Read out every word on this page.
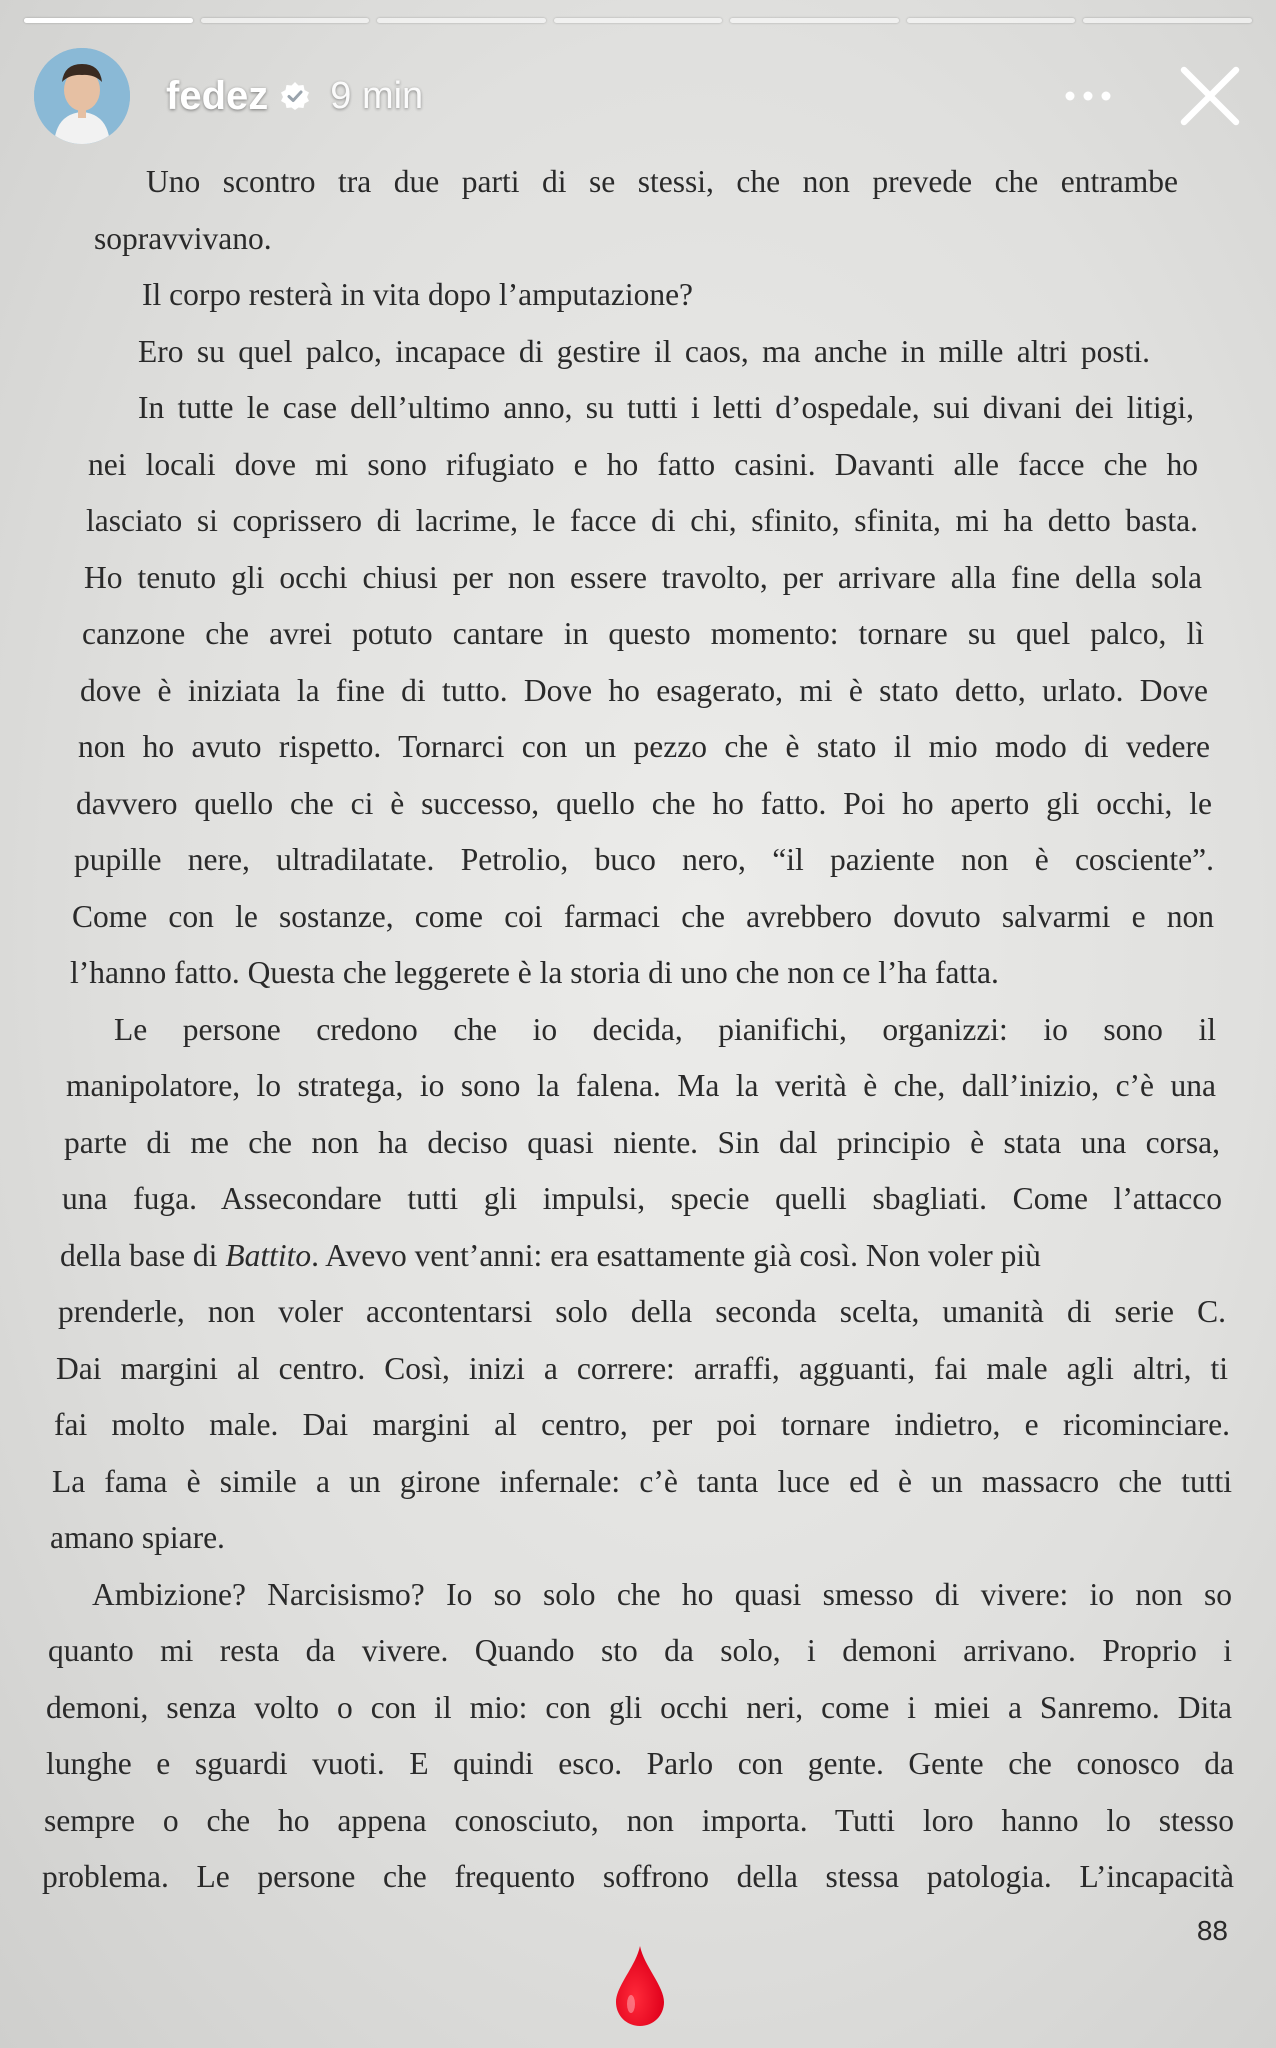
fedez 9 min
Uno scontro tra due parti di se stessi, che non prevede che entrambe
sopravvivano.
Il corpo resterà in vita dopo l’amputazione?
Ero su quel palco, incapace di gestire il caos, ma anche in mille altri posti.
In tutte le case dell’ultimo anno, su tutti i letti d’ospedale, sui divani dei litigi,
nei locali dove mi sono rifugiato e ho fatto casini. Davanti alle facce che ho
lasciato si coprissero di lacrime, le facce di chi, sfinito, sfinita, mi ha detto basta.
Ho tenuto gli occhi chiusi per non essere travolto, per arrivare alla fine della sola
canzone che avrei potuto cantare in questo momento: tornare su quel palco, lì
dove è iniziata la fine di tutto. Dove ho esagerato, mi è stato detto, urlato. Dove
non ho avuto rispetto. Tornarci con un pezzo che è stato il mio modo di vedere
davvero quello che ci è successo, quello che ho fatto. Poi ho aperto gli occhi, le
pupille nere, ultradilatate. Petrolio, buco nero, “il paziente non è cosciente”.
Come con le sostanze, come coi farmaci che avrebbero dovuto salvarmi e non
l’hanno fatto. Questa che leggerete è la storia di uno che non ce l’ha fatta.
Le persone credono che io decida, pianifichi, organizzi: io sono il
manipolatore, lo stratega, io sono la falena. Ma la verità è che, dall’inizio, c’è una
parte di me che non ha deciso quasi niente. Sin dal principio è stata una corsa,
una fuga. Assecondare tutti gli impulsi, specie quelli sbagliati. Come l’attacco
della base di Battito. Avevo vent’anni: era esattamente già così. Non voler più
prenderle, non voler accontentarsi solo della seconda scelta, umanità di serie C.
Dai margini al centro. Così, inizi a correre: arraffi, agguanti, fai male agli altri, ti
fai molto male. Dai margini al centro, per poi tornare indietro, e ricominciare.
La fama è simile a un girone infernale: c’è tanta luce ed è un massacro che tutti
amano spiare.
Ambizione? Narcisismo? Io so solo che ho quasi smesso di vivere: io non so
quanto mi resta da vivere. Quando sto da solo, i demoni arrivano. Proprio i
demoni, senza volto o con il mio: con gli occhi neri, come i miei a Sanremo. Dita
lunghe e sguardi vuoti. E quindi esco. Parlo con gente. Gente che conosco da
sempre o che ho appena conosciuto, non importa. Tutti loro hanno lo stesso
problema. Le persone che frequento soffrono della stessa patologia. L’incapacità
88
